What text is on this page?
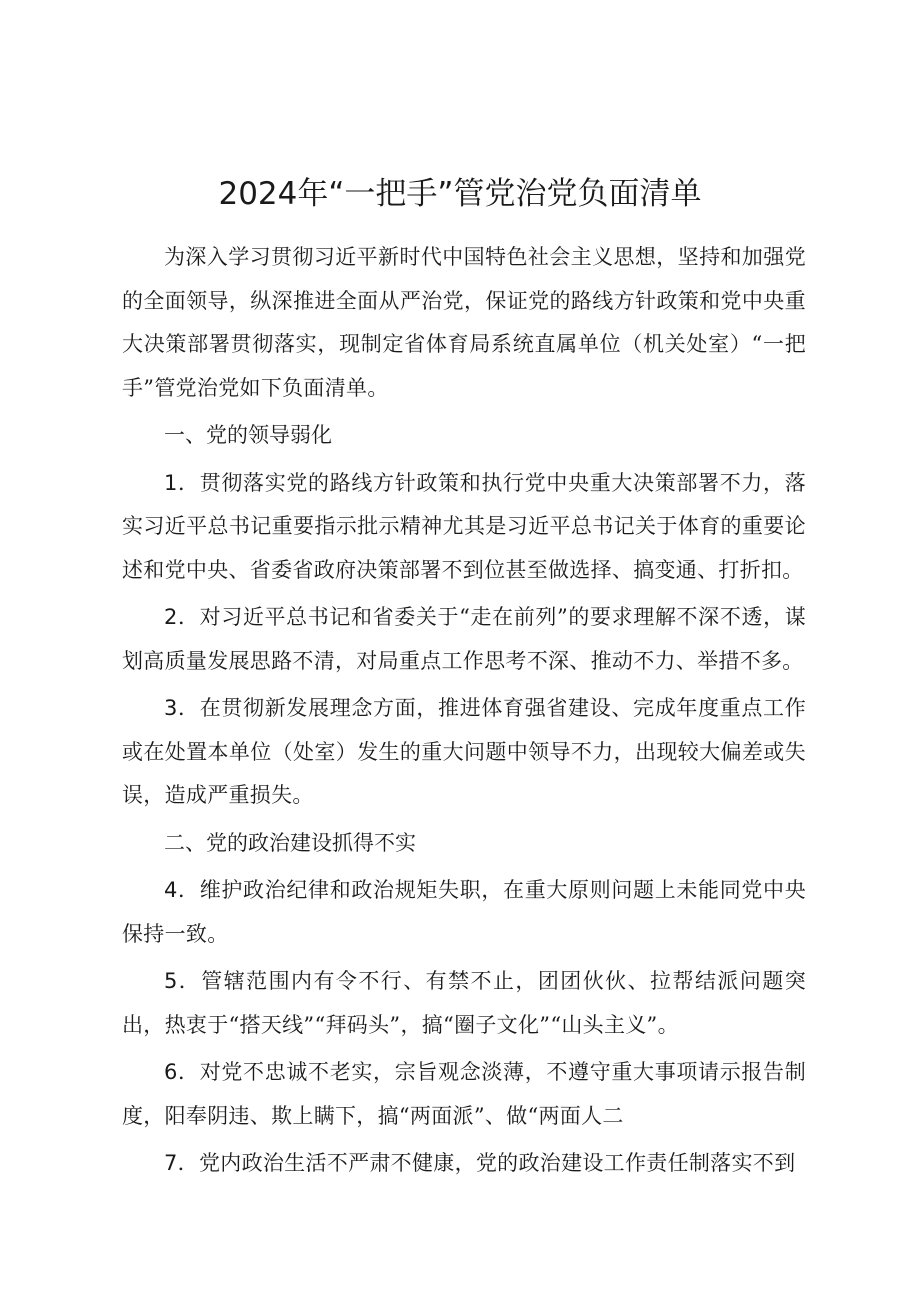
2024年“一把手”管党治党负面清单

为深入学习贯彻习近平新时代中国特色社会主义思想，坚持和加强党的全面领导，纵深推进全面从严治党，保证党的路线方针政策和党中央重大决策部署贯彻落实，现制定省体育局系统直属单位（机关处室）“一把手”管党治党如下负面清单。

一、党的领导弱化

1．贯彻落实党的路线方针政策和执行党中央重大决策部署不力，落实习近平总书记重要指示批示精神尤其是习近平总书记关于体育的重要论述和党中央、省委省政府决策部署不到位甚至做选择、搞变通、打折扣。

2．对习近平总书记和省委关于“走在前列”的要求理解不深不透，谋划高质量发展思路不清，对局重点工作思考不深、推动不力、举措不多。

3．在贯彻新发展理念方面，推进体育强省建设、完成年度重点工作或在处置本单位（处室）发生的重大问题中领导不力，出现较大偏差或失误，造成严重损失。

二、党的政治建设抓得不实

4．维护政治纪律和政治规矩失职，在重大原则问题上未能同党中央保持一致。

5．管辖范围内有令不行、有禁不止，团团伙伙、拉帮结派问题突出，热衷于“搭天线”“拜码头”，搞“圈子文化”“山头主义”。

6．对党不忠诚不老实，宗旨观念淡薄，不遵守重大事项请示报告制度，阳奉阴违、欺上瞒下，搞“两面派”、做“两面人二

7．党内政治生活不严肃不健康，党的政治建设工作责任制落实不到
